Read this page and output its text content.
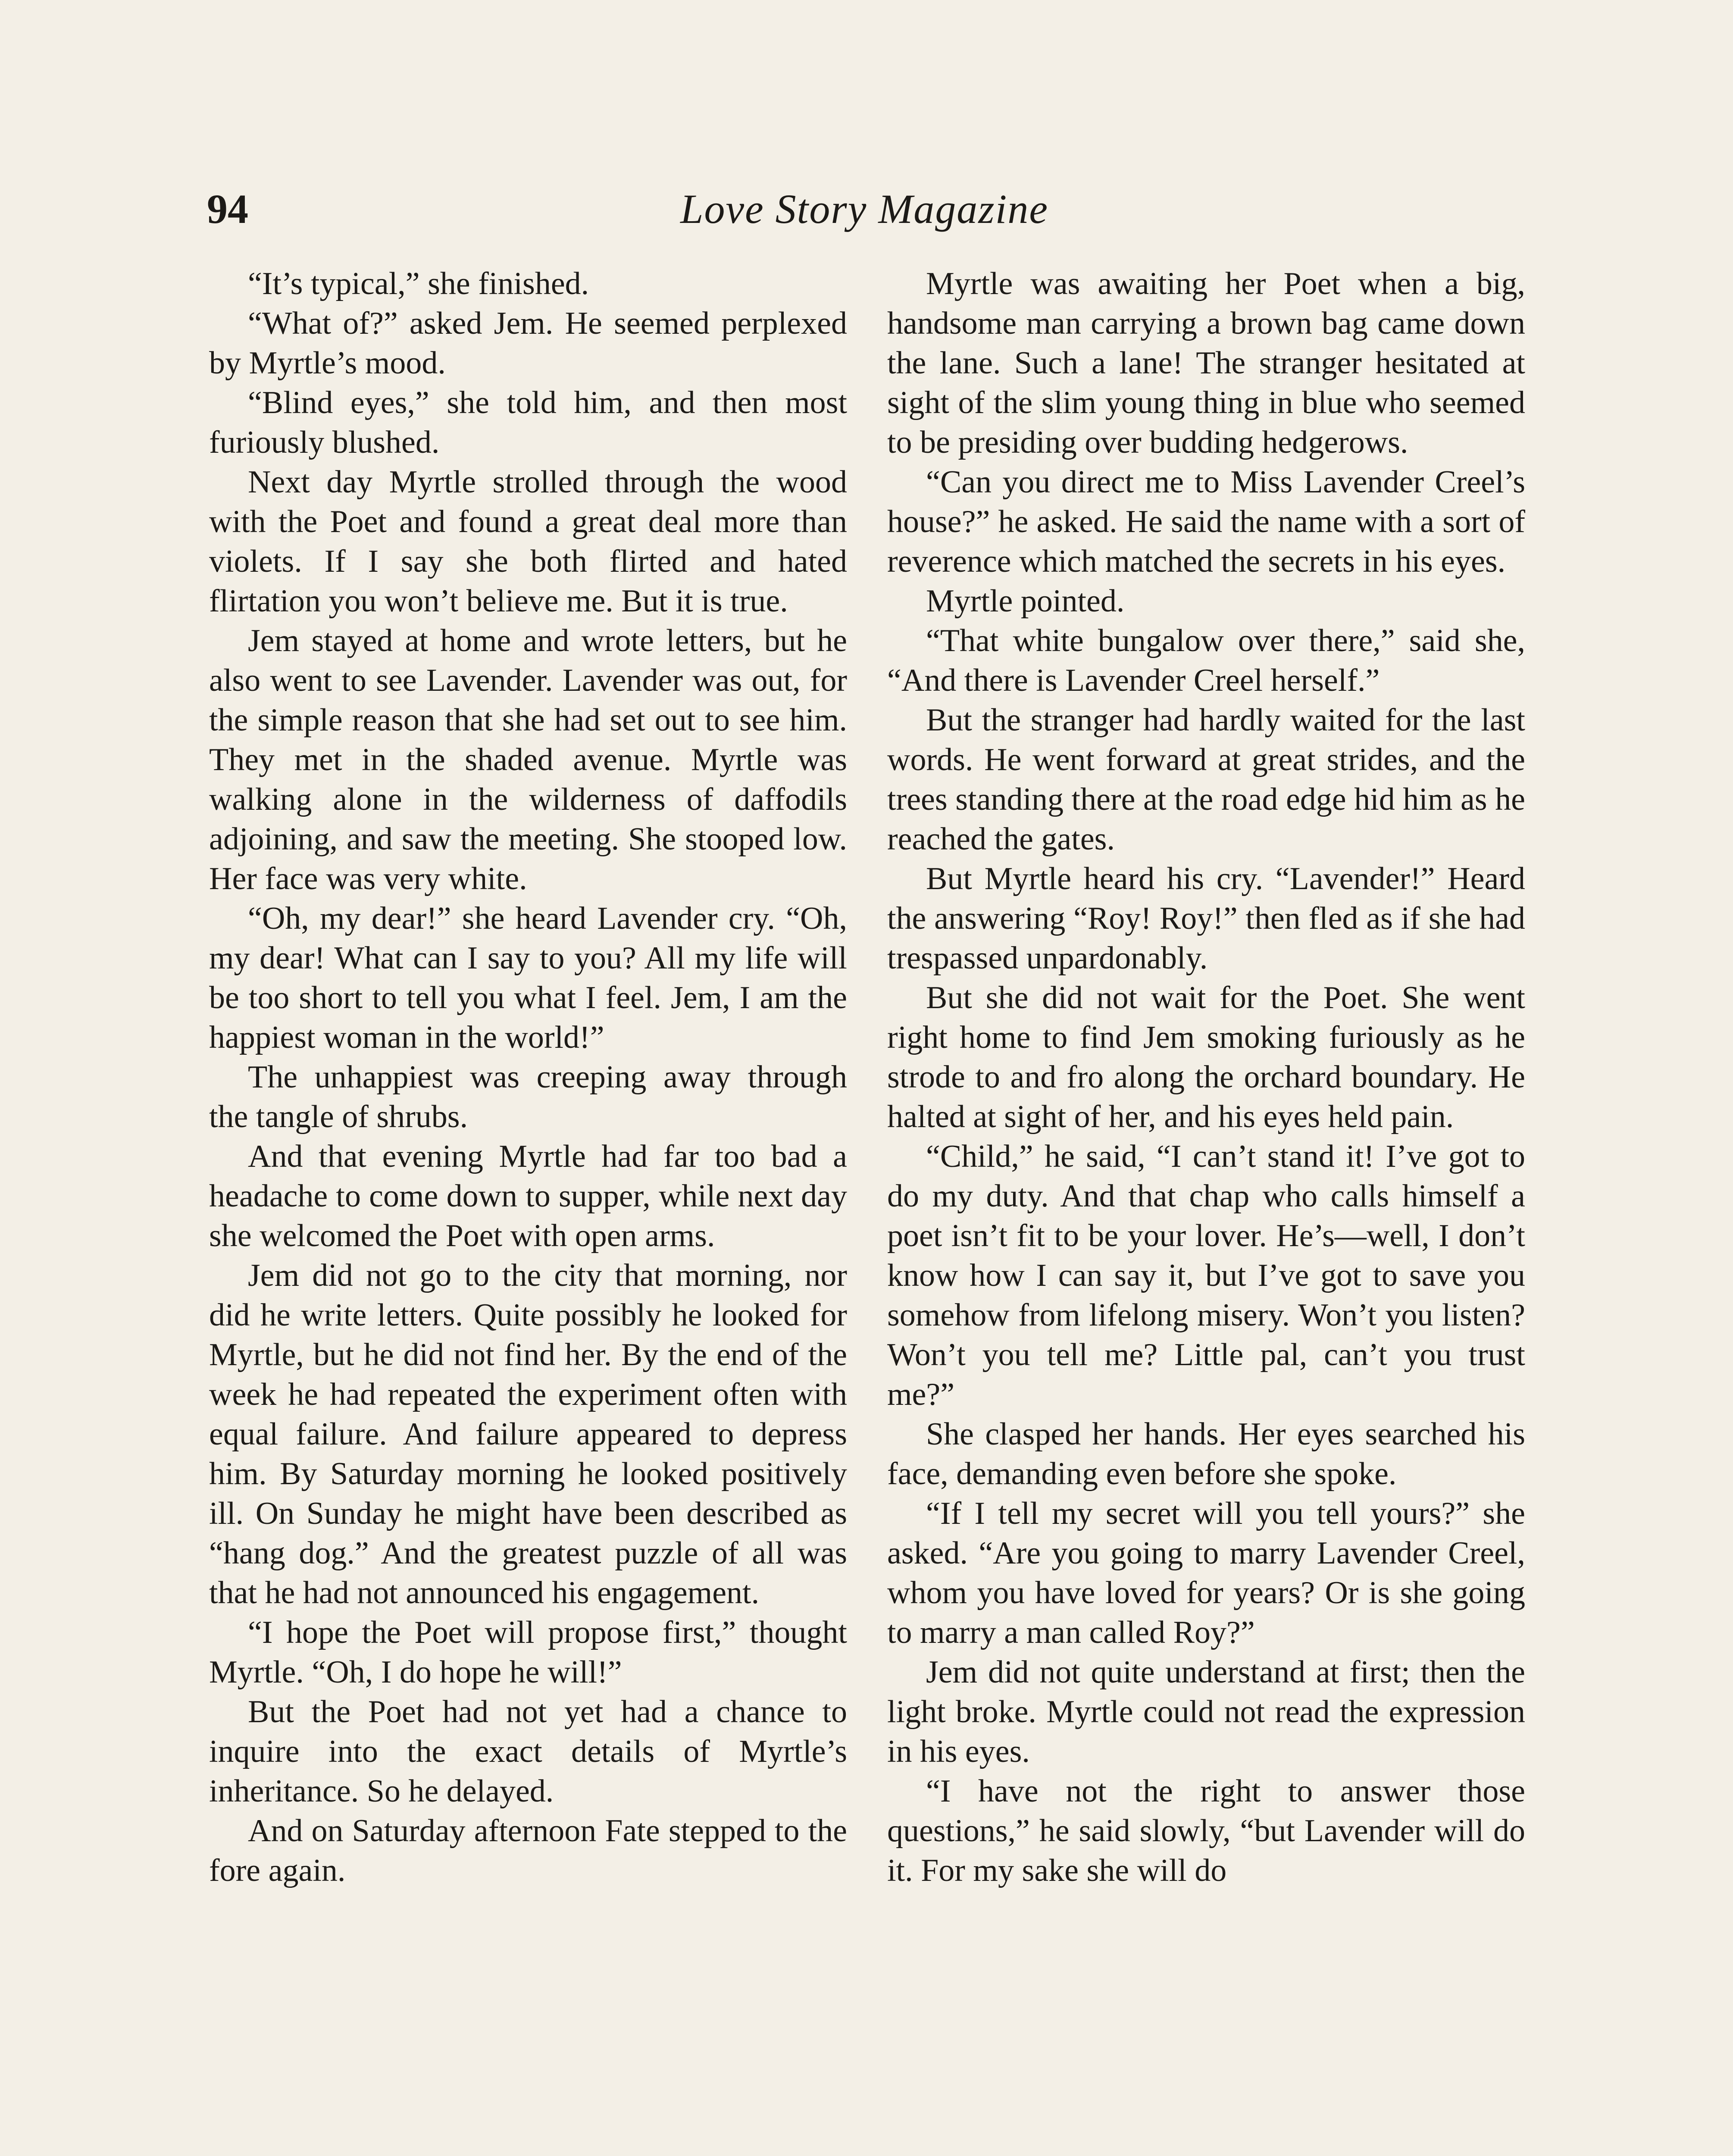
94	Love Story Magazine

“It’s typical,” she finished.

“What of?” asked Jem. He seemed perplexed by Myrtle’s mood.

“Blind eyes,” she told him, and then most furiously blushed.

Next day Myrtle strolled through the wood with the Poet and found a great deal more than violets. If I say she both flirted and hated flirtation you won’t believe me. But it is true.

Jem stayed at home and wrote letters, but he also went to see Lavender. Lavender was out, for the simple reason that she had set out to see him. They met in the shaded avenue. Myrtle was walking alone in the wilderness of daffodils adjoining, and saw the meeting. She stooped low. Her face was very white.

“Oh, my dear!” she heard Lavender cry. “Oh, my dear! What can I say to you? All my life will be too short to tell you what I feel. Jem, I am the happiest woman in the world!”

The unhappiest was creeping away through the tangle of shrubs.

And that evening Myrtle had far too bad a headache to come down to supper, while next day she welcomed the Poet with open arms.

Jem did not go to the city that morning, nor did he write letters. Quite possibly he looked for Myrtle, but he did not find her. By the end of the week he had repeated the experiment often with equal failure. And failure appeared to depress him. By Saturday morning he looked positively ill. On Sunday he might have been described as “hang dog.” And the greatest puzzle of all was that he had not announced his engagement.

“I hope the Poet will propose first,” thought Myrtle. “Oh, I do hope he will!”

But the Poet had not yet had a chance to inquire into the exact details of Myrtle’s inheritance. So he delayed.

And on Saturday afternoon Fate stepped to the fore again.

Myrtle was awaiting her Poet when a big, handsome man carrying a brown bag came down the lane. Such a lane! The stranger hesitated at sight of the slim young thing in blue who seemed to be presiding over budding hedgerows.

“Can you direct me to Miss Lavender Creel’s house?” he asked. He said the name with a sort of reverence which matched the secrets in his eyes.

Myrtle pointed.

“That white bungalow over there,” said she, “And there is Lavender Creel herself.”

But the stranger had hardly waited for the last words. He went forward at great strides, and the trees standing there at the road edge hid him as he reached the gates.

But Myrtle heard his cry. “Lavender!” Heard the answering “Roy! Roy!” then fled as if she had trespassed unpardonably.

But she did not wait for the Poet. She went right home to find Jem smoking furiously as he strode to and fro along the orchard boundary. He halted at sight of her, and his eyes held pain.

“Child,” he said, “I can’t stand it! I’ve got to do my duty. And that chap who calls himself a poet isn’t fit to be your lover. He’s—well, I don’t know how I can say it, but I’ve got to save you somehow from lifelong misery. Won’t you listen? Won’t you tell me? Little pal, can’t you trust me?”

She clasped her hands. Her eyes searched his face, demanding even before she spoke.

“If I tell my secret will you tell yours?” she asked. “Are you going to marry Lavender Creel, whom you have loved for years? Or is she going to marry a man called Roy?”

Jem did not quite understand at first; then the light broke. Myrtle could not read the expression in his eyes.

“I have not the right to answer those questions,” he said slowly, “but Lavender will do it. For my sake she will do
